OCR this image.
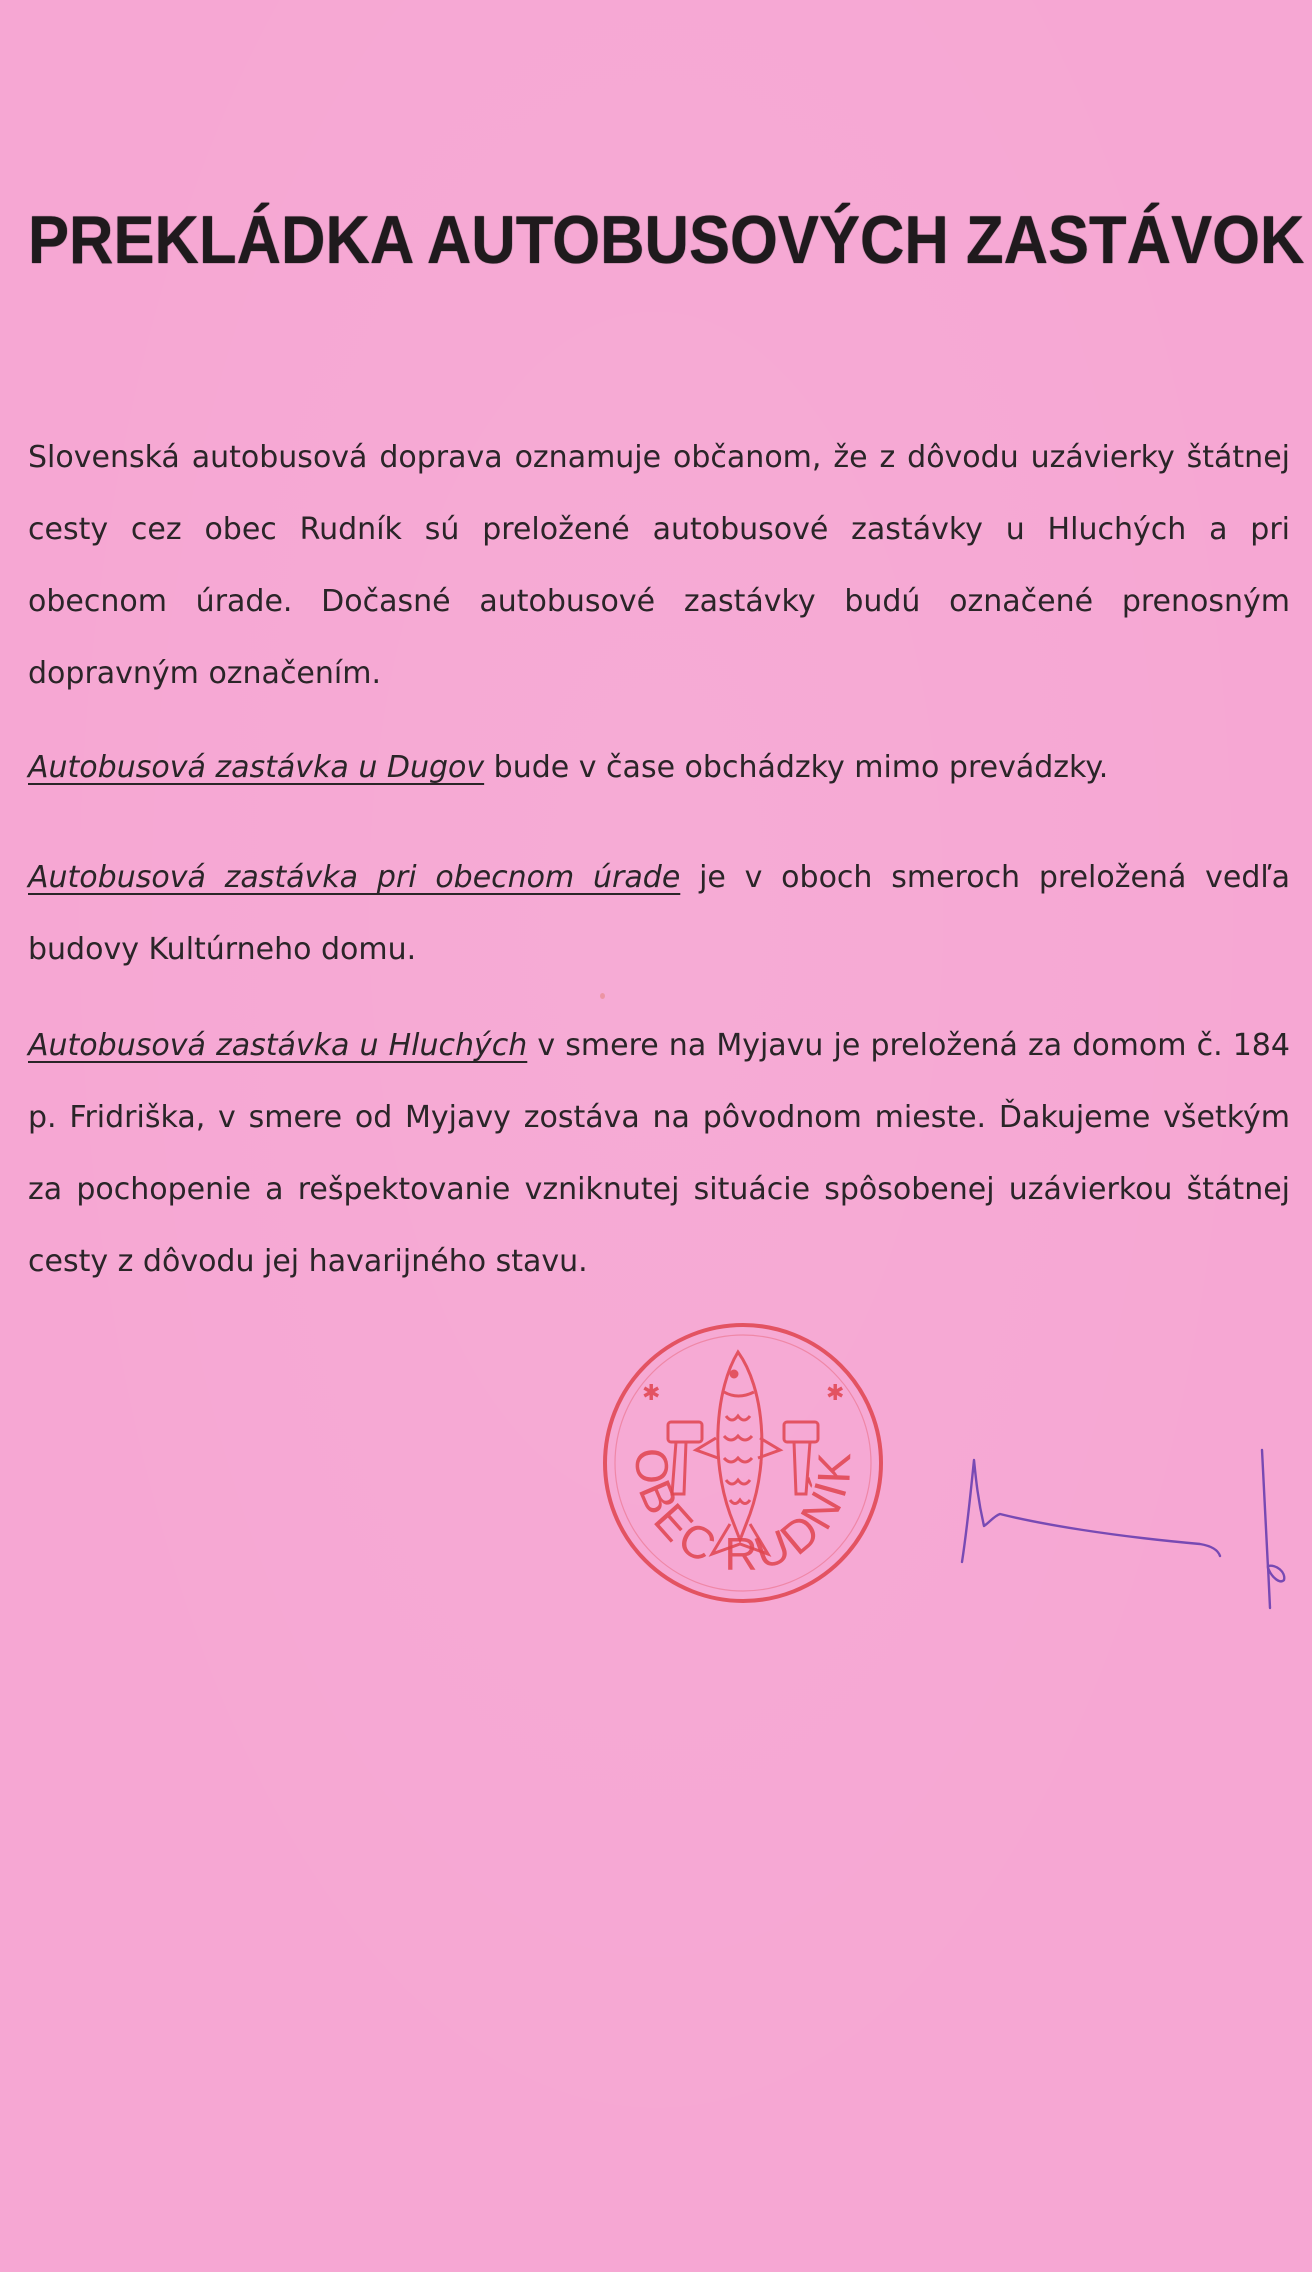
PREKLÁDKA AUTOBUSOVÝCH ZASTÁVOK

Slovenská autobusová doprava oznamuje občanom, že z dôvodu uzávierky štátnej cesty cez obec Rudník sú preložené autobusové zastávky u Hluchých a pri obecnom úrade. Dočasné autobusové zastávky budú označené prenosným dopravným označením.

Autobusová zastávka u Dugov bude v čase obchádzky mimo prevádzky.

Autobusová zastávka pri obecnom úrade je v oboch smeroch preložená vedľa budovy Kultúrneho domu.

Autobusová zastávka u Hluchých v smere na Myjavu je preložená za domom č. 184 p. Fridriška, v smere od Myjavy zostáva na pôvodnom mieste. Ďakujeme všetkým za pochopenie a rešpektovanie vzniknutej situácie spôsobenej uzávierkou štátnej cesty z dôvodu jej havarijného stavu.

OBEC RUDNÍK
✱	✱
